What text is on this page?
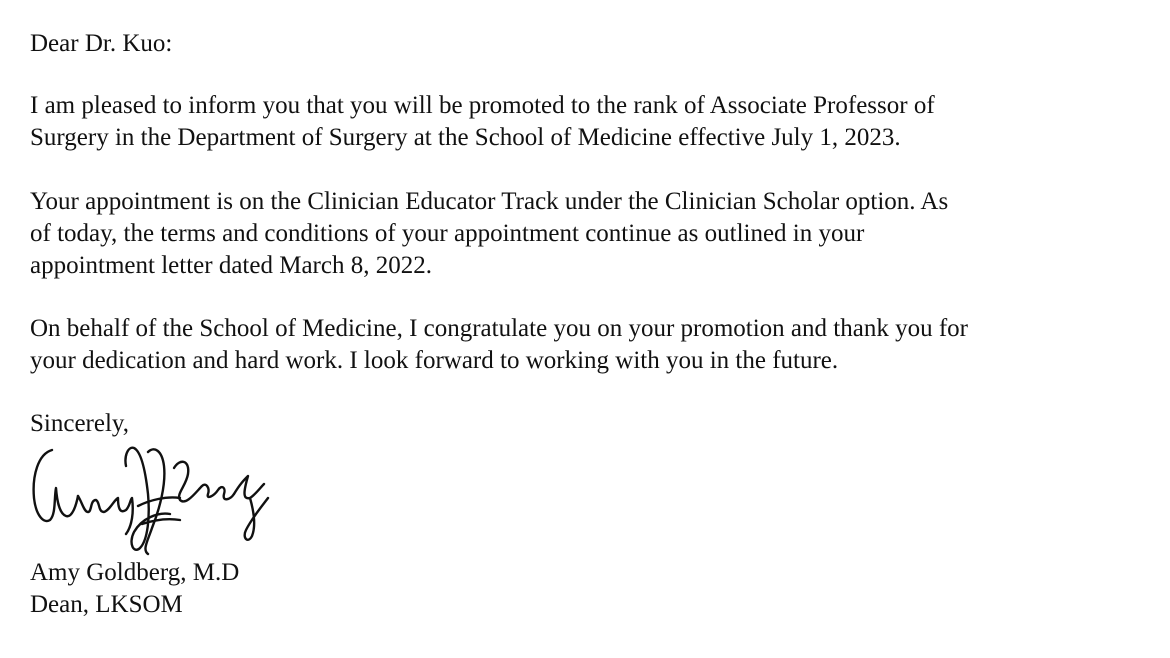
Dear Dr. Kuo:

I am pleased to inform you that you will be promoted to the rank of Associate Professor of
Surgery in the Department of Surgery at the School of Medicine effective July 1, 2023.

Your appointment is on the Clinician Educator Track under the Clinician Scholar option. As
of today, the terms and conditions of your appointment continue as outlined in your
appointment letter dated March 8, 2022.

On behalf of the School of Medicine, I congratulate you on your promotion and thank you for
your dedication and hard work. I look forward to working with you in the future.

Sincerely,

Amy Goldberg, M.D

Dean, LKSOM
